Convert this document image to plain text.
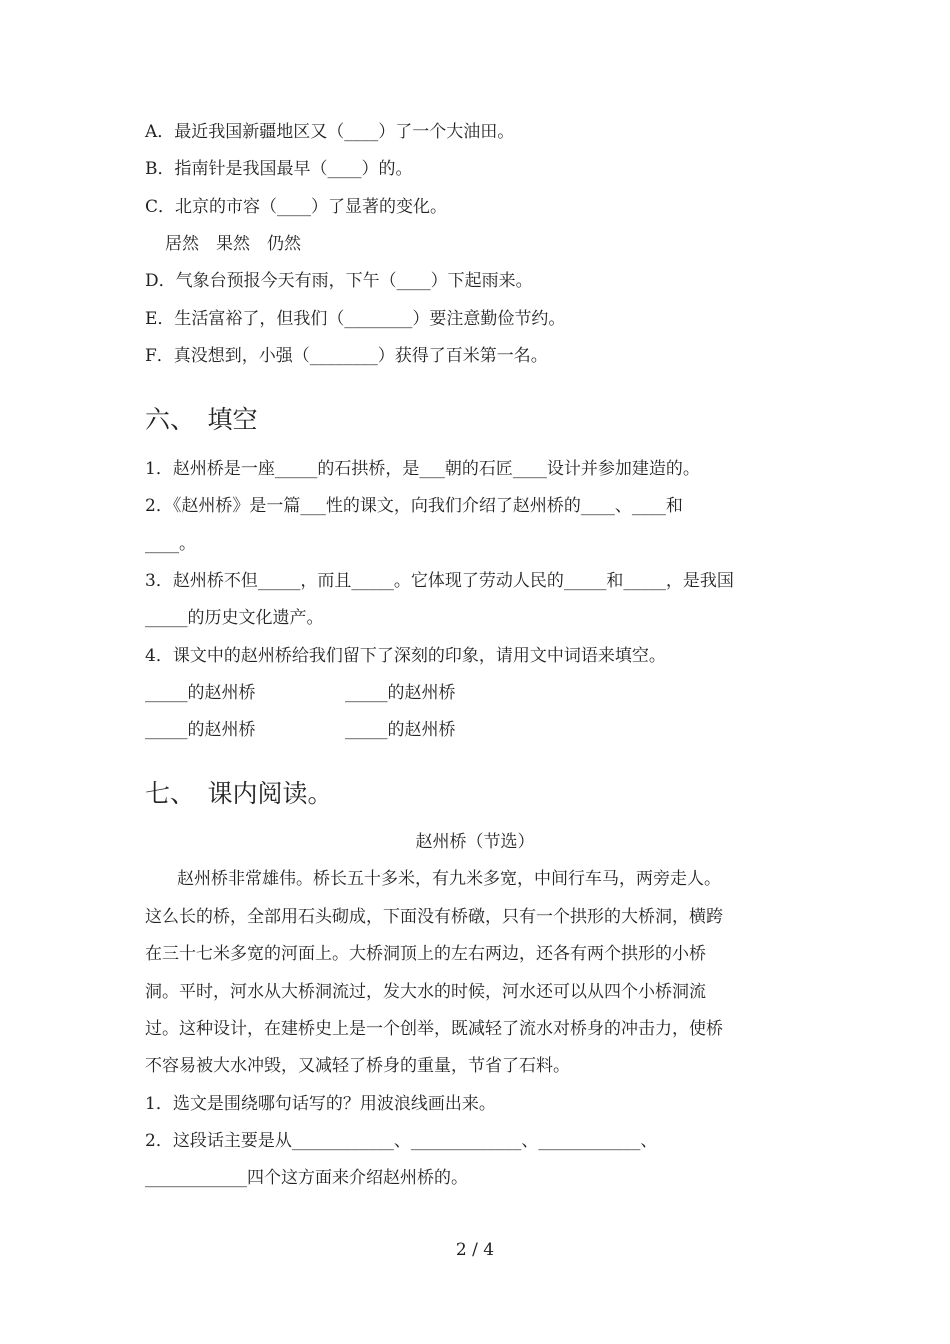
A．最近我国新疆地区又（____）了一个大油田。
B．指南针是我国最早（____）的。
C．北京的市容（____）了显著的变化。
居然　果然　仍然
D．气象台预报今天有雨，下午（____）下起雨来。
E．生活富裕了，但我们（________）要注意勤俭节约。
F．真没想到，小强（________）获得了百米第一名。
六、　填空
1．赵州桥是一座_____的石拱桥，是___朝的石匠____设计并参加建造的。
2．《赵州桥》是一篇___性的课文，向我们介绍了赵州桥的____、____和
____。
3．赵州桥不但_____，而且_____。它体现了劳动人民的_____和_____，是我国
_____的历史文化遗产。
4．课文中的赵州桥给我们留下了深刻的印象，请用文中词语来填空。
_____的赵州桥	_____的赵州桥
_____的赵州桥	_____的赵州桥
七、　课内阅读。
赵州桥（节选）
赵州桥非常雄伟。桥长五十多米，有九米多宽，中间行车马，两旁走人。
这么长的桥，全部用石头砌成，下面没有桥礅，只有一个拱形的大桥洞，横跨
在三十七米多宽的河面上。大桥洞顶上的左右两边，还各有两个拱形的小桥
洞。平时，河水从大桥洞流过，发大水的时候，河水还可以从四个小桥洞流
过。这种设计，在建桥史上是一个创举，既减轻了流水对桥身的冲击力，使桥
不容易被大水冲毁，又减轻了桥身的重量，节省了石料。
1．选文是围绕哪句话写的？用波浪线画出来。
2．这段话主要是从____________、_____________、____________、
____________四个这方面来介绍赵州桥的。
2 / 4
